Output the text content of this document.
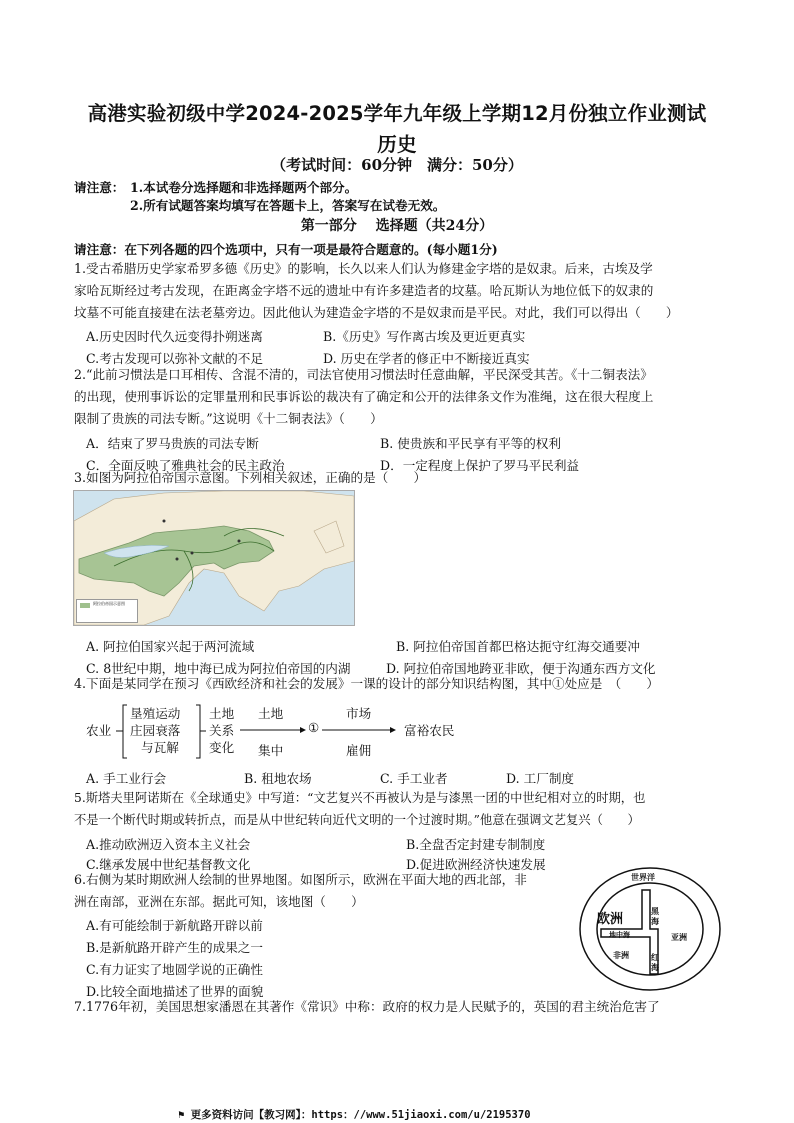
高港实验初级中学2024-2025学年九年级上学期12月份独立作业测试
历史
（考试时间：60分钟　满分：50分）
请注意： 1.本试卷分选择题和非选择题两个部分。
2.所有试题答案均填写在答题卡上，答案写在试卷无效。
第一部分　 选择题（共24分）
请注意：在下列各题的四个选项中，只有一项是最符合题意的。(每小题1分)
1.受古希腊历史学家希罗多德《历史》的影响，长久以来人们认为修建金字塔的是奴隶。后来，古埃及学
家哈瓦斯经过考古发现，在距离金字塔不远的遗址中有许多建造者的坟墓。哈瓦斯认为地位低下的奴隶的
坟墓不可能直接建在法老墓旁边。因此他认为建造金字塔的不是奴隶而是平民。对此，我们可以得出（　　）
A.历史因时代久远变得扑朔迷离	B.《历史》写作离古埃及更近更真实
C.考古发现可以弥补文献的不足	D. 历史在学者的修正中不断接近真实
2.“此前习惯法是口耳相传、含混不清的，司法官使用习惯法时任意曲解，平民深受其苦。《十二铜表法》
的出现，使刑事诉讼的定罪量刑和民事诉讼的裁决有了确定和公开的法律条文作为准绳，这在很大程度上
限制了贵族的司法专断。”这说明《十二铜表法》（　　）
A．结束了罗马贵族的司法专断	B. 使贵族和平民享有平等的权利
C．全面反映了雅典社会的民主政治	D．一定程度上保护了罗马平民利益
3.如图为阿拉伯帝国示意图。下列相关叙述，正确的是（　　）
阿拉伯帝国示意图
A. 阿拉伯国家兴起于两河流域	B. 阿拉伯帝国首都巴格达扼守红海交通要冲
C. 8世纪中期，地中海已成为阿拉伯帝国的内湖	D. 阿拉伯帝国地跨亚非欧，便于沟通东西方文化
4.下面是某同学在预习《西欧经济和社会的发展》一课的设计的部分知识结构图，其中①处应是　（　　）
农业
垦殖运动
庄园衰落
与瓦解
土地
关系
变化
土地
集中
①
市场
雇佣
富裕农民
A. 手工业行会	B. 租地农场	C. 手工业者	D. 工厂制度
5.斯塔夫里阿诺斯在《全球通史》中写道：“文艺复兴不再被认为是与漆黑一团的中世纪相对立的时期，也
不是一个断代时期或转折点，而是从中世纪转向近代文明的一个过渡时期。”他意在强调文艺复兴（　　）
A.推动欧洲迈入资本主义社会	B.全盘否定封建专制制度
C.继承发展中世纪基督教文化	D.促进欧洲经济快速发展
6.右侧为某时期欧洲人绘制的世界地图。如图所示，欧洲在平面大地的西北部，非
洲在南部，亚洲在东部。据此可知，该地图（　　）
A.有可能绘制于新航路开辟以前
B.是新航路开辟产生的成果之一
C.有力证实了地圆学说的正确性
D.比较全面地描述了世界的面貌
世界洋
欧洲
黑
海
地中海	亚洲
非洲	红
海
7.1776年初，美国思想家潘恩在其著作《常识》中称：政府的权力是人民赋予的，英国的君主统治危害了
⚑ 更多资料访问【教习网】：https：//www.51jiaoxi.com/u/2195370
